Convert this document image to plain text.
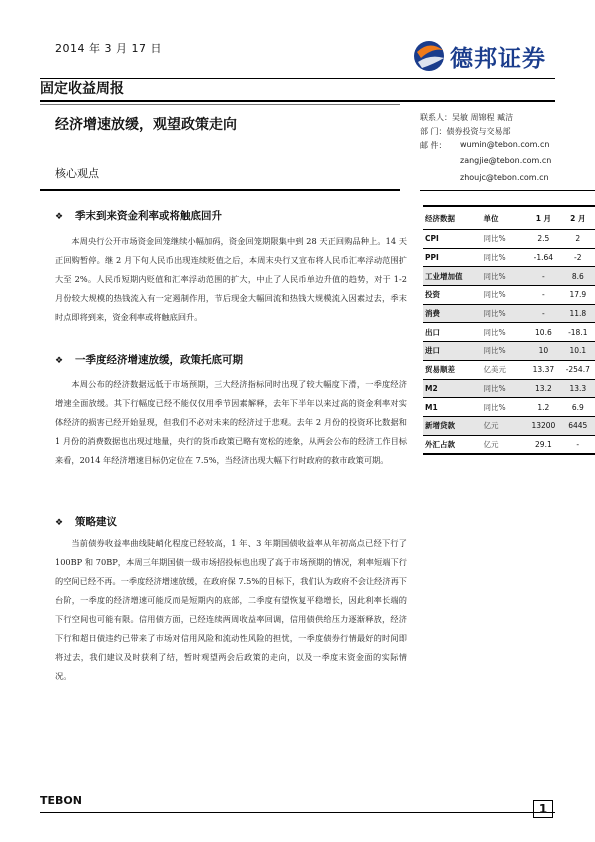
2014 年 3 月 17 日	德邦证券
固定收益周报
经济增速放缓，观望政策走向
核心观点
联系人：吴敏 周锦程 臧洁
部 门：债券投资与交易部
邮 件： wumin@tebon.com.cn
zangjie@tebon.com.cn
zhoujc@tebon.com.cn
❖ 季末到来资金利率或将触底回升
本周央行公开市场资金回笼继续小幅加码，资金回笼期限集中到 28 天正回购品种上。14 天正回购暂停。继 2 月下旬人民币出现连续贬值之后，本周末央行又宣布将人民币汇率浮动范围扩大至 2%。人民币短期内贬值和汇率浮动范围的扩大，中止了人民币单边升值的趋势，对于 1-2 月份较大规模的热钱流入有一定遏制作用，节后现金大幅回流和热钱大规模流入因素过去，季末时点即将到来，资金利率或将触底回升。
❖ 一季度经济增速放缓，政策托底可期
本周公布的经济数据远低于市场预期，三大经济指标同时出现了较大幅度下滑，一季度经济增速全面放缓。其下行幅度已经不能仅仅用季节因素解释，去年下半年以来过高的资金利率对实体经济的损害已经开始显现，但我们不必对未来的经济过于悲观。去年 2 月份的投资环比数据和 1 月份的消费数据也出现过地量，央行的货币政策已略有宽松的迹象，从两会公布的经济工作目标来看，2014 年经济增速目标仍定位在 7.5%，当经济出现大幅下行时政府的救市政策可期。
❖ 策略建议
当前债券收益率曲线陡峭化程度已经较高，1 年、3 年期国债收益率从年初高点已经下行了 100BP 和 70BP，本周三年期国债一级市场招投标也出现了高于市场预期的情况，利率短端下行的空间已经不再。一季度经济增速放缓，在政府保 7.5%的目标下，我们认为政府不会让经济再下台阶，一季度的经济增速可能反而是短期内的底部，二季度有望恢复平稳增长，因此利率长端的下行空间也可能有限。信用债方面，已经连续两周收益率回调，信用债供给压力逐渐释放，经济下行和超日债违约已带来了市场对信用风险和流动性风险的担忧，一季度债券行情最好的时间即将过去，我们建议及时获利了结，暂时观望两会后政策的走向，以及一季度末资金面的实际情况。
经济数据	单位	1 月	2 月
CPI	同比%	2.5	2
PPI	同比%	-1.64	-2
工业增加值	同比%	-	8.6
投资	同比%	-	17.9
消费	同比%	-	11.8
出口	同比%	10.6	-18.1
进口	同比%	10	10.1
贸易顺差	亿美元	13.37	-254.7
M2	同比%	13.2	13.3
M1	同比%	1.2	6.9
新增贷款	亿元	13200	6445
外汇占款	亿元	29.1	-
TEBON
1
